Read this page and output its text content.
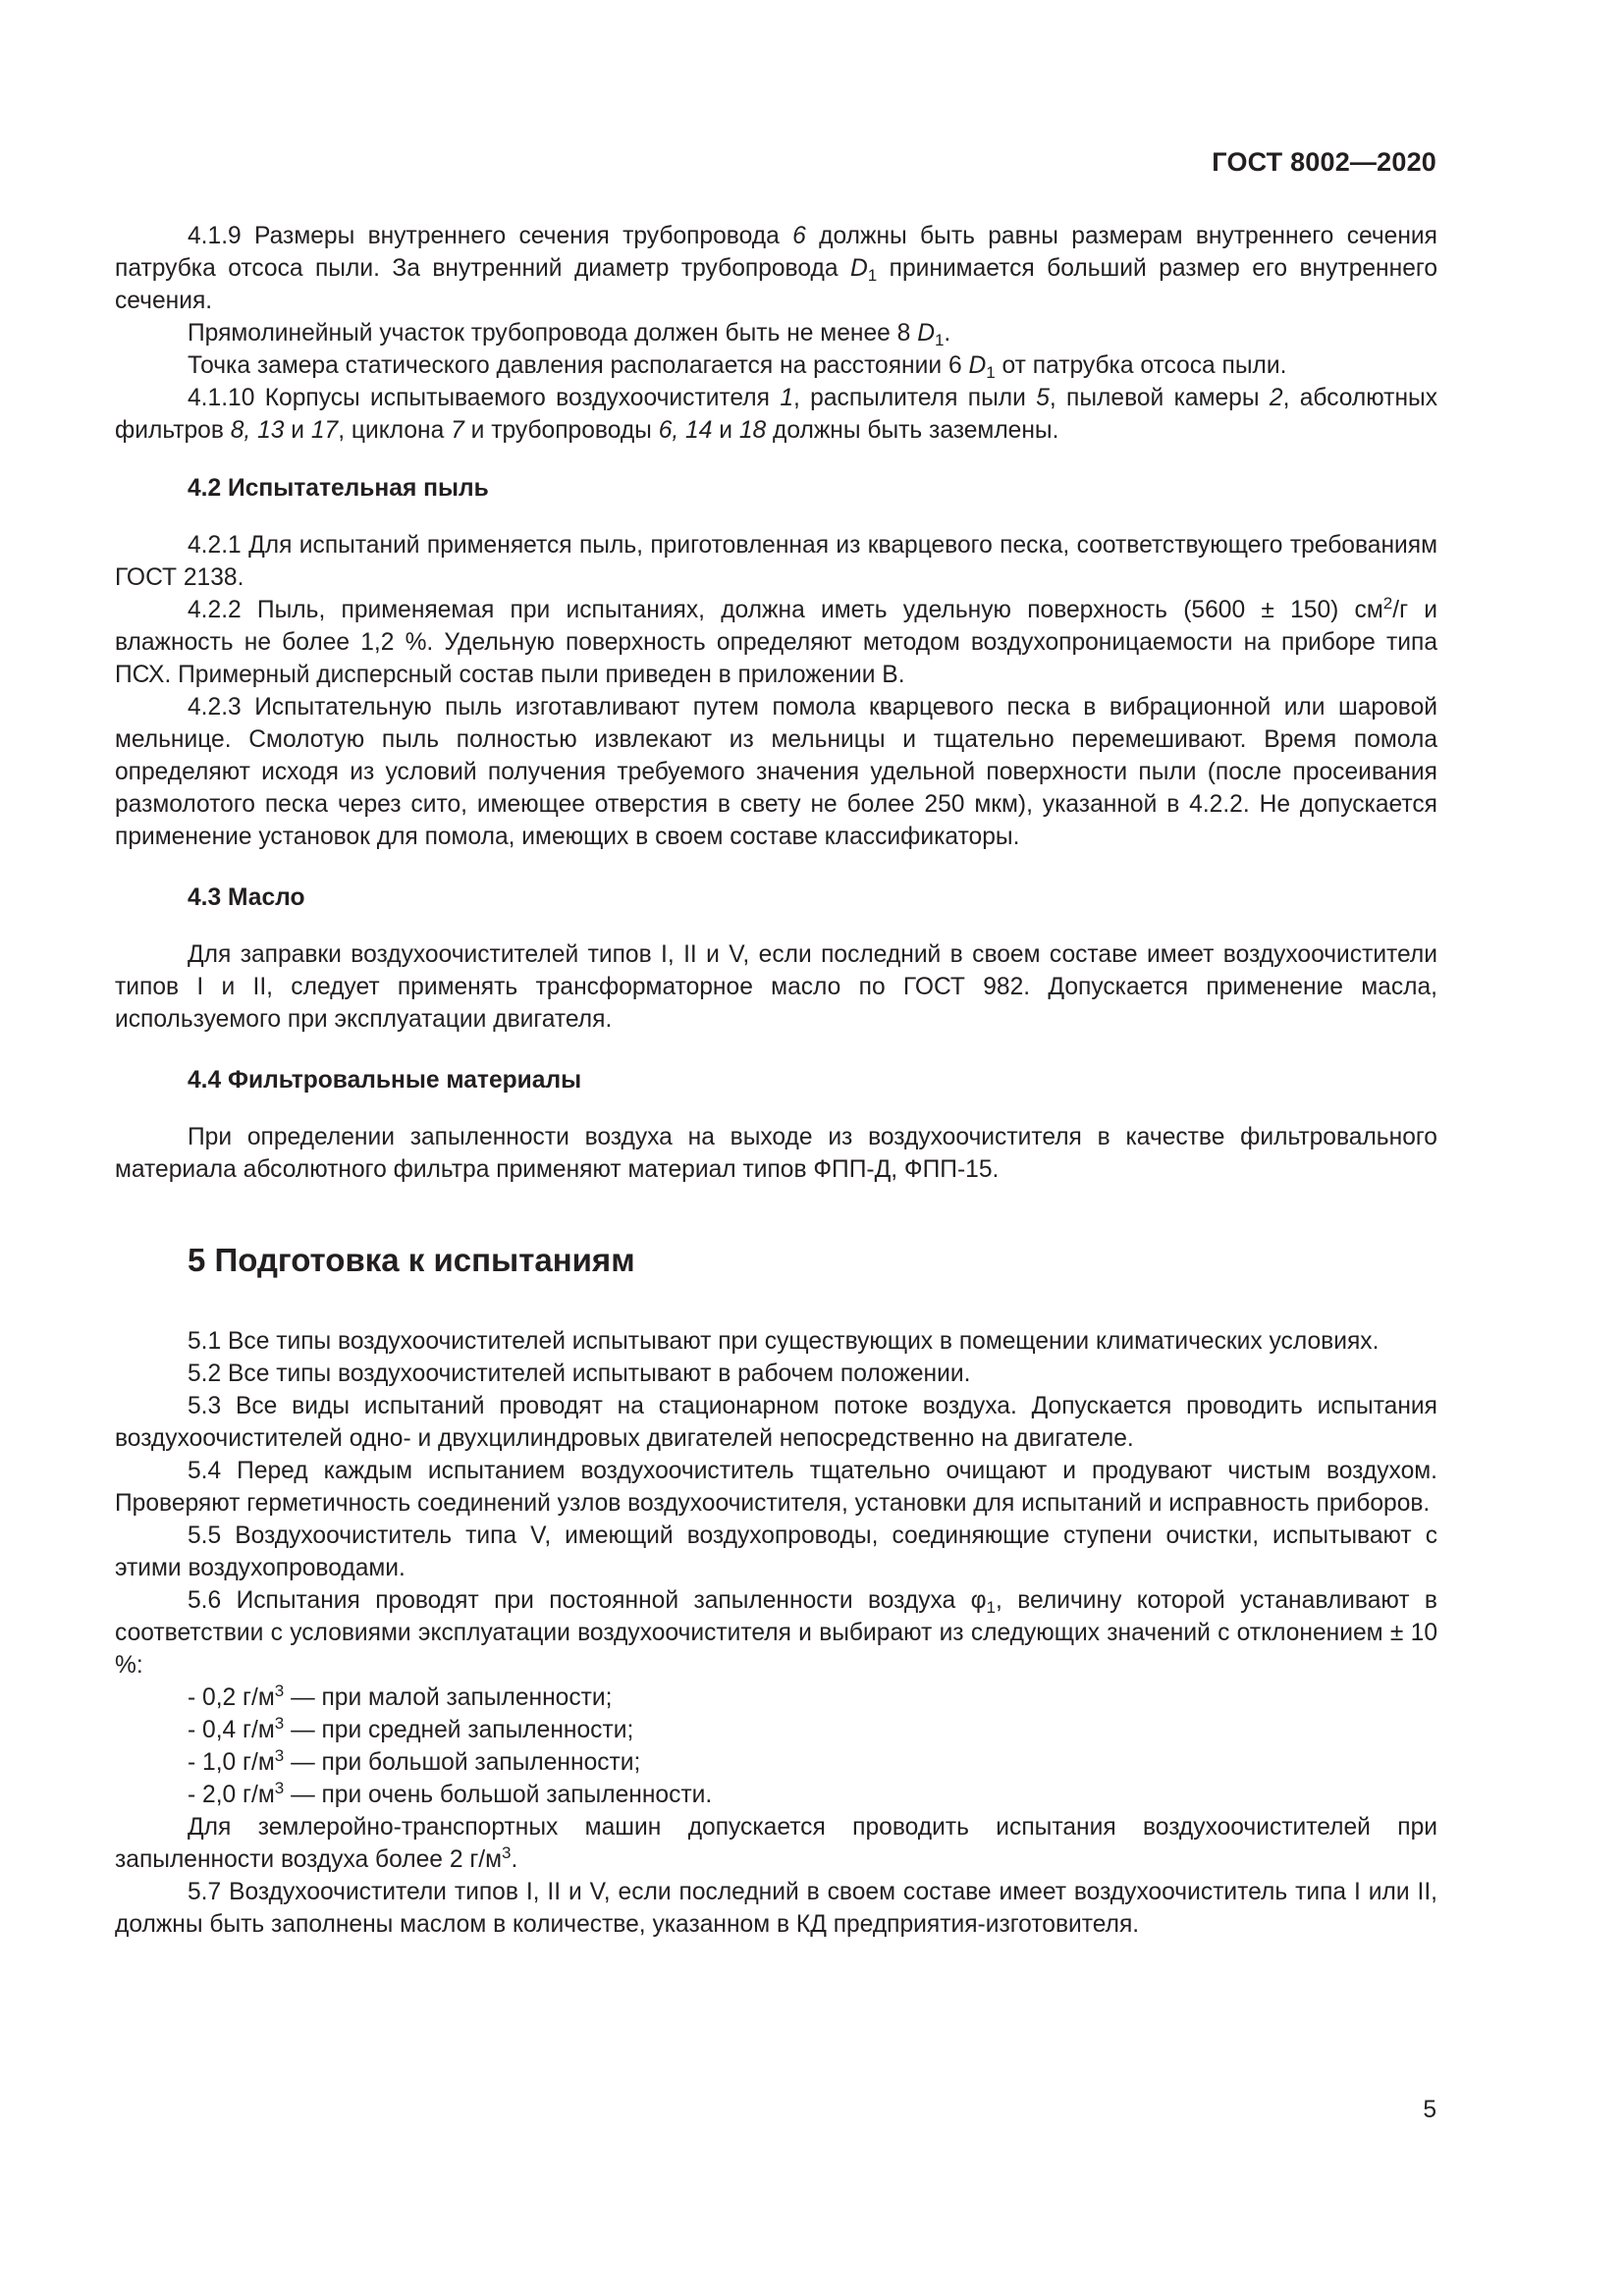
ГОСТ 8002—2020

4.1.9 Размеры внутреннего сечения трубопровода 6 должны быть равны размерам внутреннего сечения патрубка отсоса пыли. За внутренний диаметр трубопровода $D_1$ принимается больший размер его внутреннего сечения.

Прямолинейный участок трубопровода должен быть не менее 8 $D_1$.

Точка замера статического давления располагается на расстоянии 6 $D_1$ от патрубка отсоса пыли.

4.1.10 Корпусы испытываемого воздухоочистителя 1, распылителя пыли 5, пылевой камеры 2, абсолютных фильтров 8, 13 и 17, циклона 7 и трубопроводы 6, 14 и 18 должны быть заземлены.

4.2 Испытательная пыль

4.2.1 Для испытаний применяется пыль, приготовленная из кварцевого песка, соответствующего требованиям ГОСТ 2138.

4.2.2 Пыль, применяемая при испытаниях, должна иметь удельную поверхность (5600 ± 150) $см^2/г$ и влажность не более 1,2 %. Удельную поверхность определяют методом воздухопроницаемости на приборе типа ПСХ. Примерный дисперсный состав пыли приведен в приложении В.

4.2.3 Испытательную пыль изготавливают путем помола кварцевого песка в вибрационной или шаровой мельнице. Смолотую пыль полностью извлекают из мельницы и тщательно перемешивают. Время помола определяют исходя из условий получения требуемого значения удельной поверхности пыли (после просеивания размолотого песка через сито, имеющее отверстия в свету не более 250 мкм), указанной в 4.2.2. Не допускается применение установок для помола, имеющих в своем составе классификаторы.

4.3 Масло

Для заправки воздухоочистителей типов I, II и V, если последний в своем составе имеет воздухоочистители типов I и II, следует применять трансформаторное масло по ГОСТ 982. Допускается применение масла, используемого при эксплуатации двигателя.

4.4 Фильтровальные материалы

При определении запыленности воздуха на выходе из воздухоочистителя в качестве фильтровального материала абсолютного фильтра применяют материал типов ФПП-Д, ФПП-15.

5 Подготовка к испытаниям

5.1 Все типы воздухоочистителей испытывают при существующих в помещении климатических условиях.

5.2 Все типы воздухоочистителей испытывают в рабочем положении.

5.3 Все виды испытаний проводят на стационарном потоке воздуха. Допускается проводить испытания воздухоочистителей одно- и двухцилиндровых двигателей непосредственно на двигателе.

5.4 Перед каждым испытанием воздухоочиститель тщательно очищают и продувают чистым воздухом. Проверяют герметичность соединений узлов воздухоочистителя, установки для испытаний и исправность приборов.

5.5 Воздухоочиститель типа V, имеющий воздухопроводы, соединяющие ступени очистки, испытывают с этими воздухопроводами.

5.6 Испытания проводят при постоянной запыленности воздуха $\varphi_1$, величину которой устанавливают в соответствии с условиями эксплуатации воздухоочистителя и выбирают из следующих значений с отклонением ± 10 %:

- 0,2 $г/м^3$ — при малой запыленности;

- 0,4 $г/м^3$ — при средней запыленности;

- 1,0 $г/м^3$ — при большой запыленности;

- 2,0 $г/м^3$ — при очень большой запыленности.

Для землеройно-транспортных машин допускается проводить испытания воздухоочистителей при запыленности воздуха более 2 $г/м^3$.

5.7 Воздухоочистители типов I, II и V, если последний в своем составе имеет воздухоочиститель типа I или II, должны быть заполнены маслом в количестве, указанном в КД предприятия-изготовителя.

5
